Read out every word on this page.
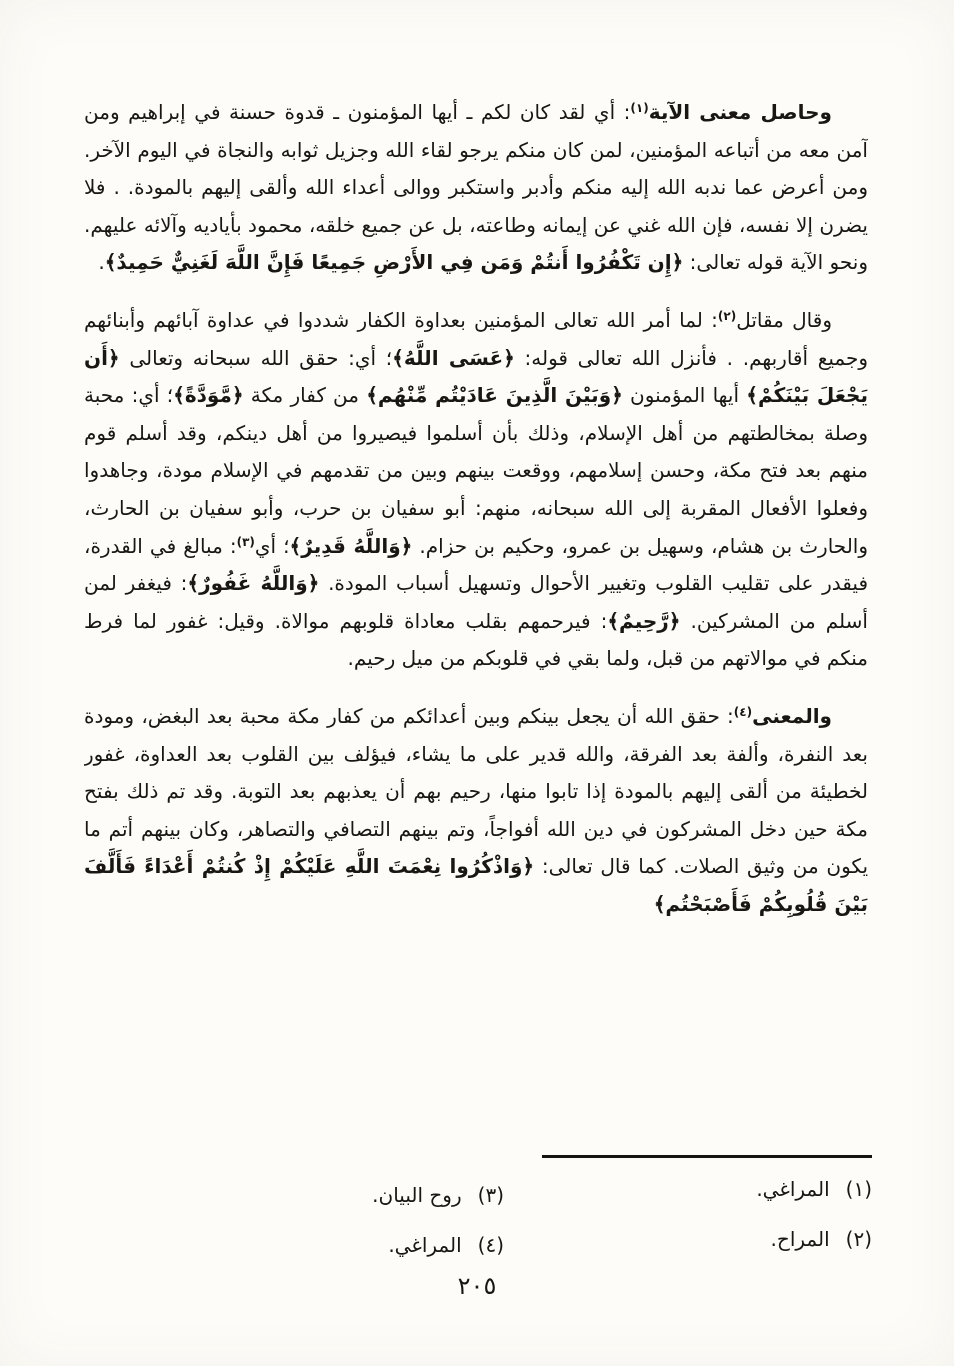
وحاصل معنى الآية$^{(١)}$: أي لقد كان لكم ـ أيها المؤمنون ـ قدوة حسنة في إبراهيم ومن آمن معه من أتباعه المؤمنين، لمن كان منكم يرجو لقاء الله وجزيل ثوابه والنجاة في اليوم الآخر. ومن أعرض عما ندبه الله إليه منكم وأدبر واستكبر ووالى أعداء الله وألقى إليهم بالمودة. . فلا يضرن إلا نفسه، فإن الله غني عن إيمانه وطاعته، بل عن جميع خلقه، محمود بأياديه وآلائه عليهم. ونحو الآية قوله تعالى: ﴿إِن تَكْفُرُوا أَنتُمْ وَمَن فِي الأَرْضِ جَمِيعًا فَإِنَّ اللَّهَ لَغَنِيٌّ حَمِيدٌ﴾.

وقال مقاتل$^{(٢)}$: لما أمر الله تعالى المؤمنين بعداوة الكفار شددوا في عداوة آبائهم وأبنائهم وجميع أقاربهم. . فأنزل الله تعالى قوله: ﴿عَسَى اللَّهُ﴾؛ أي: حقق الله سبحانه وتعالى ﴿أَن يَجْعَلَ بَيْنَكُمْ﴾ أيها المؤمنون ﴿وَبَيْنَ الَّذِينَ عَادَيْتُم مِّنْهُم﴾ من كفار مكة ﴿مَّوَدَّةً﴾؛ أي: محبة وصلة بمخالطتهم من أهل الإسلام، وذلك بأن أسلموا فيصيروا من أهل دينكم، وقد أسلم قوم منهم بعد فتح مكة، وحسن إسلامهم، ووقعت بينهم وبين من تقدمهم في الإسلام مودة، وجاهدوا وفعلوا الأفعال المقربة إلى الله سبحانه، منهم: أبو سفيان بن حرب، وأبو سفيان بن الحارث، والحارث بن هشام، وسهيل بن عمرو، وحكيم بن حزام. ﴿وَاللَّهُ قَدِيرٌ﴾؛ أي$^{(٣)}$: مبالغ في القدرة، فيقدر على تقليب القلوب وتغيير الأحوال وتسهيل أسباب المودة. ﴿وَاللَّهُ غَفُورٌ﴾: فيغفر لمن أسلم من المشركين. ﴿رَّحِيمٌ﴾: فيرحمهم بقلب معاداة قلوبهم موالاة. وقيل: غفور لما فرط منكم في موالاتهم من قبل، ولما بقي في قلوبكم من ميل رحيم.

والمعنى$^{(٤)}$: حقق الله أن يجعل بينكم وبين أعدائكم من كفار مكة محبة بعد البغض، ومودة بعد النفرة، وألفة بعد الفرقة، والله قدير على ما يشاء، فيؤلف بين القلوب بعد العداوة، غفور لخطيئة من ألقى إليهم بالمودة إذا تابوا منها، رحيم بهم أن يعذبهم بعد التوبة. وقد تم ذلك بفتح مكة حين دخل المشركون في دين الله أفواجاً، وتم بينهم التصافي والتصاهر، وكان بينهم أتم ما يكون من وثيق الصلات. كما قال تعالى: ﴿وَاذْكُرُوا نِعْمَتَ اللَّهِ عَلَيْكُمْ إِذْ كُنتُمْ أَعْدَاءً فَأَلَّفَ بَيْنَ قُلُوبِكُمْ فَأَصْبَحْتُم﴾

(١)المراغي.
(٢)المراح.
(٣)روح البيان.
(٤)المراغي.
٢٠٥
